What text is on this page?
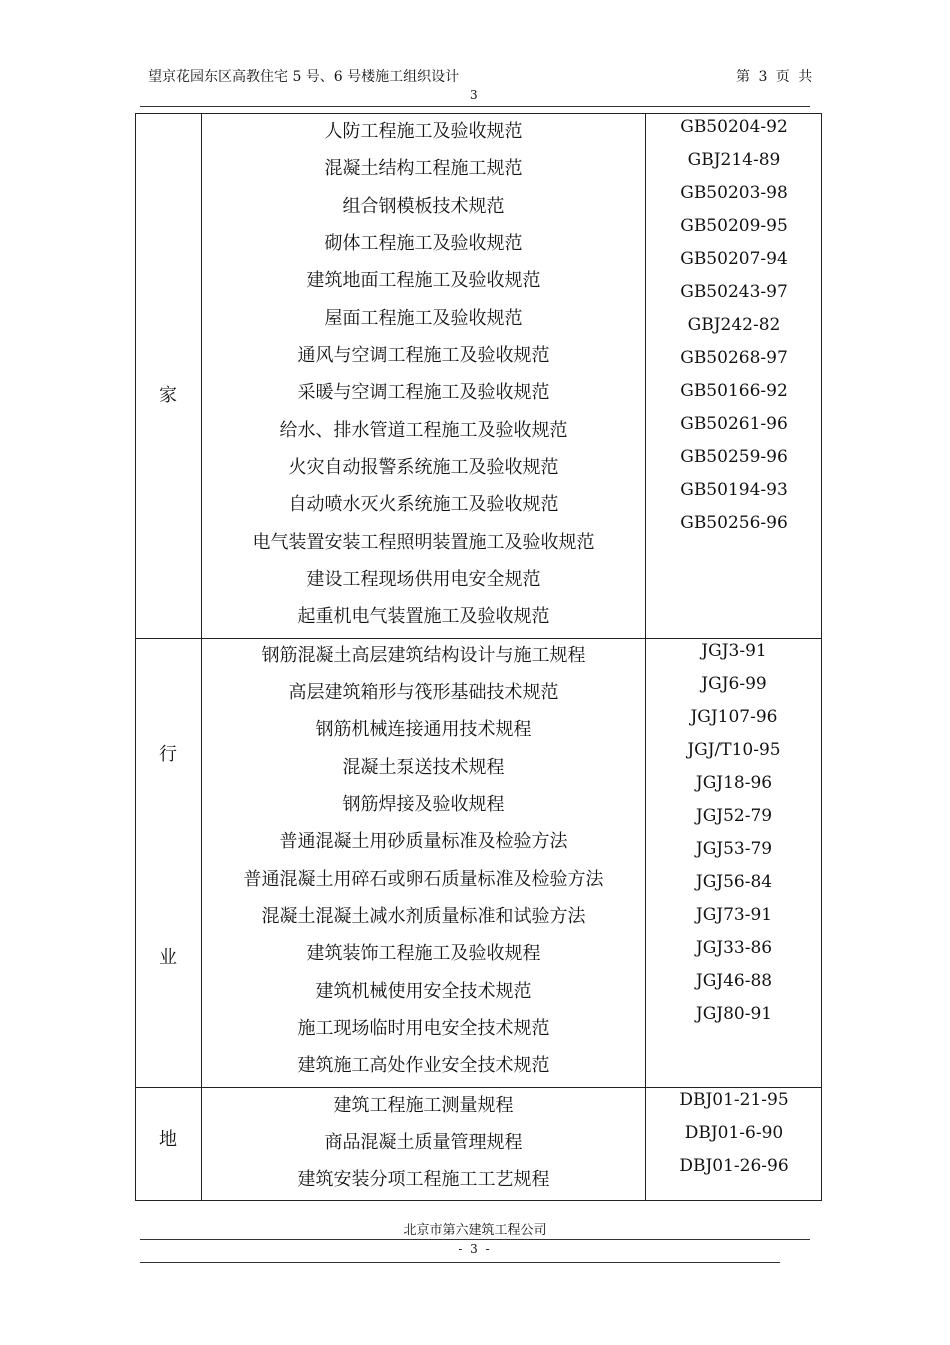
望京花园东区高教住宅 5 号、6 号楼施工组织设计	第 3 页 共
3
家
人防工程施工及验收规范
混凝土结构工程施工规范
组合钢模板技术规范
砌体工程施工及验收规范
建筑地面工程施工及验收规范
屋面工程施工及验收规范
通风与空调工程施工及验收规范
采暖与空调工程施工及验收规范
给水、排水管道工程施工及验收规范
火灾自动报警系统施工及验收规范
自动喷水灭火系统施工及验收规范
电气装置安装工程照明装置施工及验收规范
建设工程现场供用电安全规范
起重机电气装置施工及验收规范
GB50204-92
GBJ214-89
GB50203-98
GB50209-95
GB50207-94
GB50243-97
GBJ242-82
GB50268-97
GB50166-92
GB50261-96
GB50259-96
GB50194-93
GB50256-96
行
业
钢筋混凝土高层建筑结构设计与施工规程
高层建筑箱形与筏形基础技术规范
钢筋机械连接通用技术规程
混凝土泵送技术规程
钢筋焊接及验收规程
普通混凝土用砂质量标准及检验方法
普通混凝土用碎石或卵石质量标准及检验方法
混凝土混凝土减水剂质量标准和试验方法
建筑装饰工程施工及验收规程
建筑机械使用安全技术规范
施工现场临时用电安全技术规范
建筑施工高处作业安全技术规范
JGJ3-91
JGJ6-99
JGJ107-96
JGJ/T10-95
JGJ18-96
JGJ52-79
JGJ53-79
JGJ56-84
JGJ73-91
JGJ33-86
JGJ46-88
JGJ80-91
地
建筑工程施工测量规程
商品混凝土质量管理规程
建筑安装分项工程施工工艺规程
DBJ01-21-95
DBJ01-6-90
DBJ01-26-96
北京市第六建筑工程公司
- 3 -
